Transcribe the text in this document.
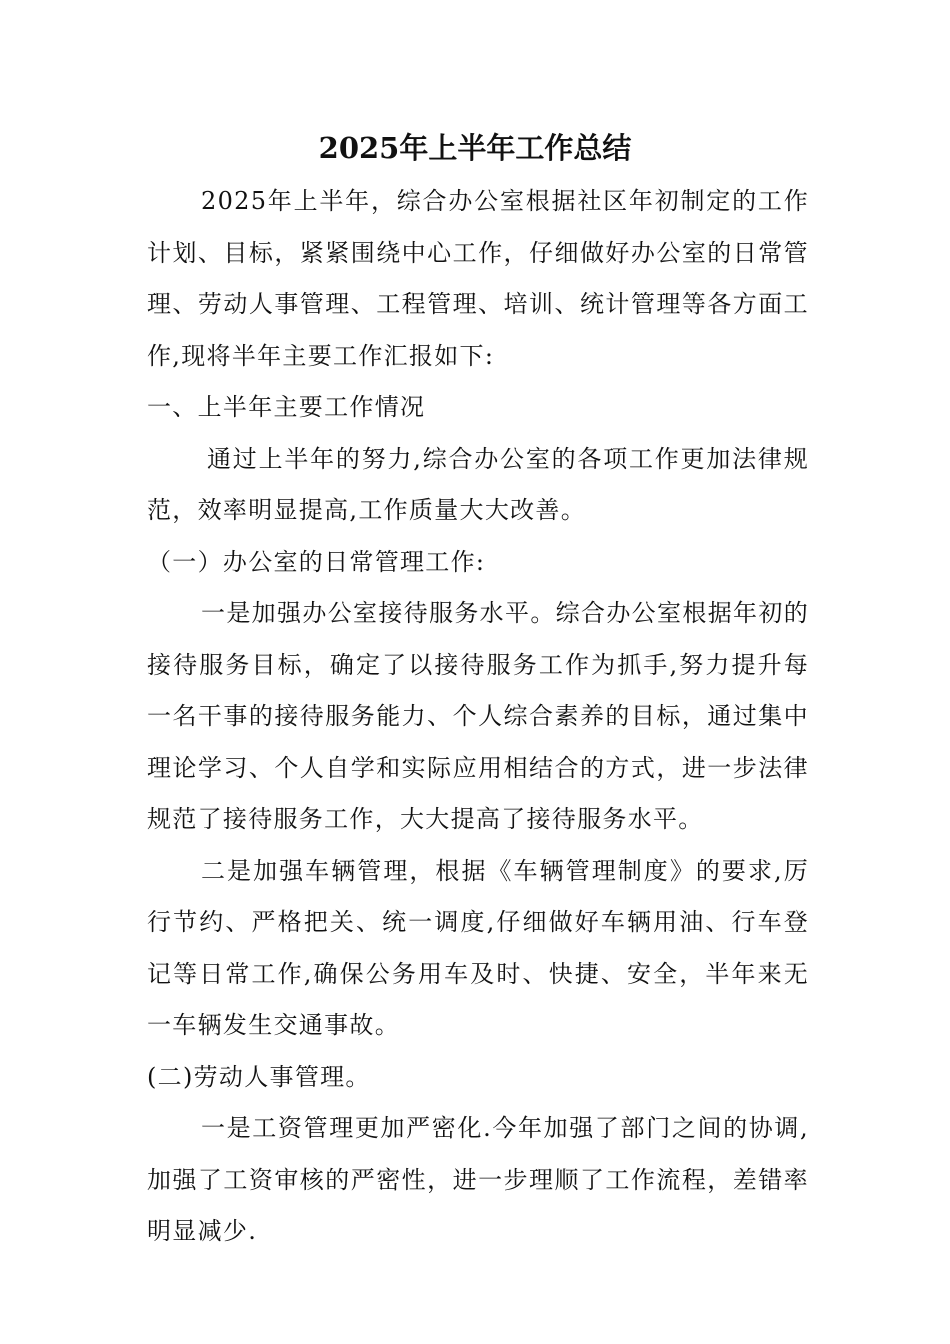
2025年上半年工作总结

2025年上半年，综合办公室根据社区年初制定的工作计划、目标，紧紧围绕中心工作，仔细做好办公室的日常管理、劳动人事管理、工程管理、培训、统计管理等各方面工作,现将半年主要工作汇报如下:

一、上半年主要工作情况

通过上半年的努力,综合办公室的各项工作更加法律规范，效率明显提高,工作质量大大改善。

（一）办公室的日常管理工作:

一是加强办公室接待服务水平。综合办公室根据年初的接待服务目标，确定了以接待服务工作为抓手,努力提升每一名干事的接待服务能力、个人综合素养的目标，通过集中理论学习、个人自学和实际应用相结合的方式，进一步法律规范了接待服务工作，大大提高了接待服务水平。

二是加强车辆管理，根据《车辆管理制度》的要求,厉行节约、严格把关、统一调度,仔细做好车辆用油、行车登记等日常工作,确保公务用车及时、快捷、安全，半年来无一车辆发生交通事故。

(二)劳动人事管理。

一是工资管理更加严密化.今年加强了部门之间的协调,加强了工资审核的严密性，进一步理顺了工作流程，差错率明显减少.
